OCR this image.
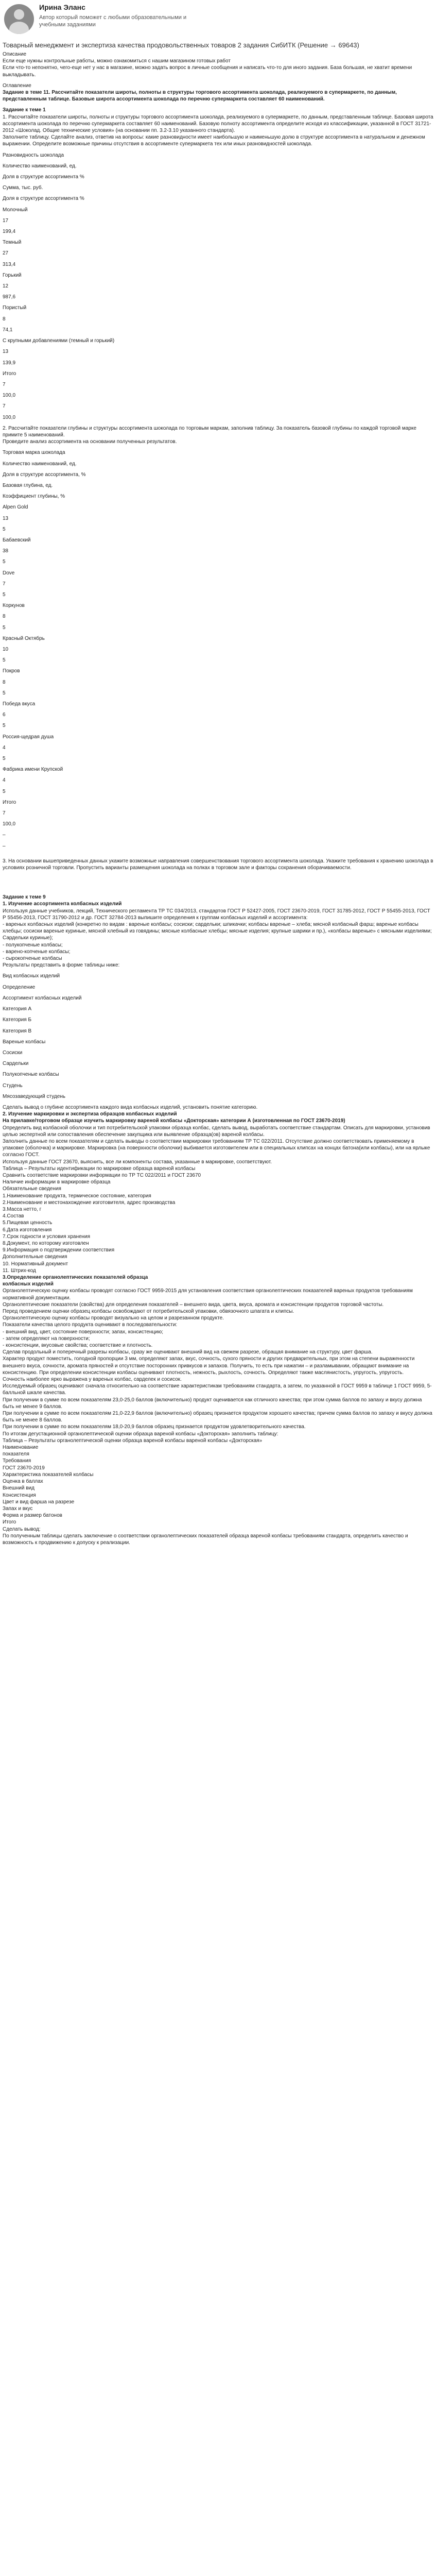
Ирина Эланс
Автор который поможет с любыми образовательными и учебными заданиями
Товарный менеджмент и экспертиза качества продовольственных товаров 2 задания СибИТК (Решение → 69643)
Описание
Если еще нужны контрольные работы, можно ознакомиться с нашим магазином готовых работ
Если что-то непонятно, чего-еще нет у нас в магазине, можно задать вопрос в личные сообщения и написать что-то для иного задания. База большая, не хватит времени выкладывать.
Оглавление
Задание в теме 11. Рассчитайте показатели широты, полноты в структуры торгового ассортимента шоколада, реализуемого в супермаркете, по данным, представленным таблице. Базовые широта ассортимента шоколада по перечню супермаркета составляет 60 наименований.
Задание к теме 1
1. Рассчитайте показатели широты, полноты и структуры торгового ассортимента шоколада, реализуемого в супермаркете, по данным, представленным таблице. Базовая широта ассортимента шоколада по перечню супермаркета составляет 60 наименований. Базовую полноту ассортимента определите исходя из классификации, указанной в ГОСТ 31721-2012 «Шоколад. Общие технические условия» (на основании пп. 3.2-3.10 указанного стандарта).
Заполните таблицу. Сделайте анализ, ответив на вопросы: какие разновидности имеет наибольшую и наименьшую долю в структуре ассортимента в натуральном и денежном выражении. Определите возможные причины отсутствия в ассортименте супермаркета тех или иных разновидностей шоколада.
Разновидность шоколада
Количество наименований, ед.
Доля в структуре ассортимента %
Сумма, тыс. руб.
Доля в структуре ассортимента %
Молочный
17
199,4
Темный
27
313,4
Горький
12
987,6
Пористый
8
74,1
С крупными добавлениями (темный и горький)
13
139,9
Итого
7
100,0
7
100,0
2. Рассчитайте показатели глубины и структуры ассортимента шоколада по торговым маркам, заполнив таблицу. За показатель базовой глубины по каждой торговой марке примите 5 наименований.
Проведите анализ ассортимента на основании полученных результатов.
Торговая марка шоколада
Количество наименований, ед.
Доля в структуре ассортимента, %
Базовая глубина, ед.
Коэффициент глубины, %
Alpen Gold
13
5
Бабаевский
38
5
Dove
7
5
Коркунов
8
5
Красный Октябрь
10
5
Покров
8
5
Победа вкуса
6
5
Россия-щедрая душа
4
5
Фабрика имени Крупской
4
5
Итого
7
100,0
–
–
3. На основании вышеприведенных данных укажите возможные направления совершенствования торгового ассортимента шоколада. Укажите требования к хранению шоколада в условиях розничной торговли. Пропустить варианты размещения шоколада на полках в торговом зале и факторы сохранения оборачиваемости.
Задание к теме 9
1. Изучение ассортимента колбасных изделий
Используя данные учебников, лекций, Технического регламента ТР ТС 034/2013, стандартов ГОСТ Р 52427-2005, ГОСТ 23670-2019, ГОСТ 31785-2012, ГОСТ Р 55455-2013, ГОСТ Р 55456-2013, ГОСТ 31790-2012 и др. ГОСТ 32784-2013 выпишите определения к группам колбасных изделий и ассортимента:
- вареных колбасных изделий (конкретно по видам : вареные колбасы; сосиски; сардельки; шпикачки; колбасы вареные – хлеба; мясной колбасный фарш; вареные колбасы хлебцы; сосиски вареные куриные, мясной хлебный из говядины; мясные колбасные хлебцы; мясные изделия; крупные шарики и пр.), «колбасы вареные» с мясными изделиями; Сардельки куриные);
- полукопченые колбасы;
- варено-копченые колбасы;
- сырокопченые колбасы
Результаты представить в форме таблицы ниже:
Вид колбасных изделий
Определение
Ассортимент колбасных изделий
Категория А
Категория Б
Категория В
Вареные колбасы
Сосиски
Сардельки
Полукопченые колбасы
Студень
Мясозаведующий студень
Сделать вывод о глубине ассортимента каждого вида колбасных изделий, установить понятие категорию.
2. Изучение маркировки и экспертиза образцов колбасных изделий
На прилавке/торговом образце изучить маркировку вареной колбасы «Докторская» категории А (изготовленная по ГОСТ 23670-2019)
Определить вид колбасной оболочки и тип потребительской упаковки образца колбас, сделать вывод, выработать соответствие стандартам. Описать для маркировки, установив целью экспертной или сопоставления обеспечение закупщика или выявление образца(ов) вареной колбасы.
Заполнить данные по всем показателям и сделать выводы о соответствии маркировки требованиям ТР ТС 022/2011. Отсутствие должно соответствовать применяемому в упаковке (оболочка) и маркировке. Маркировка (на поверхности оболочки) выбивается изготовителем или в специальных клипсах на концах батона(или колбасы), или на ярлыке согласно ГОСТ.
Используя данные ГОСТ 23670, выяснить, все ли компоненты состава, указанные в маркировке, соответствуют.
Таблица – Результаты идентификации по маркировке образца вареной колбасы
Сравнить соответствие маркировки информации по ТР ТС 022/2011 и ГОСТ 23670
Наличие информации в маркировке образца
Обязательные сведения
1.Наименование продукта, термическое состояние, категория
2.Наименование и местонахождение изготовителя, адрес производства
3.Масса нетто, г
4.Состав
5.Пищевая ценность
6.Дата изготовления
7.Срок годности и условия хранения
8.Документ, по которому изготовлен
9.Информация о подтверждении соответствия
Дополнительные сведения
10. Нормативный документ
11. Штрих-код
3.Определение органолептических показателей образца
колбасных изделий
Органолептическую оценку колбасы проводят согласно ГОСТ 9959-2015 для установления соответствия органолептических показателей вареных продуктов требованиям нормативной документации.
Органолептические показатели (свойства) для определения показателей – внешнего вида, цвета, вкуса, аромата и консистенции продуктов торговой частоты.
Перед проведением оценки образец колбасы освобождают от потребительской упаковки, обвязочного шпагата и клипсы.
Органолептическую оценку колбасы проводят визуально на целом и разрезанном продукте.
Показатели качества целого продукта оценивают в последовательности:
- внешний вид, цвет, состояние поверхности; запах, консистенцию;
- затем определяют на поверхности;
- консистенции, вкусовые свойства; соответствие и плотность.
Сделав продольный и поперечный разрезы колбасы, сразу же оценивают внешний вид на свежем разрезе, обращая внимание на структуру, цвет фарша.
Характер продукт поместить, голодной пропорции 3 мм, определяют запах, вкус, сочность, сухого пряности и других предварительных, при этом на степени выраженности внешнего вкуса, сочности, аромата пряностей и отсутствие посторонних привкусов и запахов. Получить, то есть при нажатии – и разламывании, обращают внимание на консистенцию. При определении консистенции колбасы оценивают плотность, нежность, рыхлость, сочность. Определяют также маслянистость, упругость, упругость.
Сочность наиболее ярко выражена у вареных колбас, сарделек и сосисок.
Исследуемый образец оценивают сначала относительно на соответствие характеристикам требованиям стандарта, а затем, по указанной в ГОСТ 9959 в таблице 1 ГОСТ 9959, 5-балльной шкале качества.
При получении в сумме по всем показателям 23,0-25,0 баллов (включительно) продукт оценивается как отличного качества; при этом сумма баллов по запаху и вкусу должна быть не менее 9 баллов.
При получении в сумме по всем показателям 21,0-22,9 баллов (включительно) образец признается продуктом хорошего качества; причем сумма баллов по запаху и вкусу должна быть не менее 8 баллов.
При получении в сумме по всем показателям 18,0-20,9 баллов образец признается продуктом удовлетворительного качества.
По итогам дегустационной органолептической оценки образца вареной колбасы «Докторская» заполнить таблицу:
Таблица – Результаты органолептической оценки образца вареной колбасы вареной колбасы «Докторская»
Наименование
показателя
Требования
ГОСТ 23670-2019
Характеристика показателей колбасы
Оценка в баллах
Внешний вид
Консистенция
Цвет и вид фарша на разрезе
Запах и вкус
Форма и размер батонов
Итого
Сделать вывод:
По полученным таблицы сделать заключение о соответствии органолептических показателей образца вареной колбасы требованиям стандарта, определить качество и возможность к продвижению к допуску к реализации.
